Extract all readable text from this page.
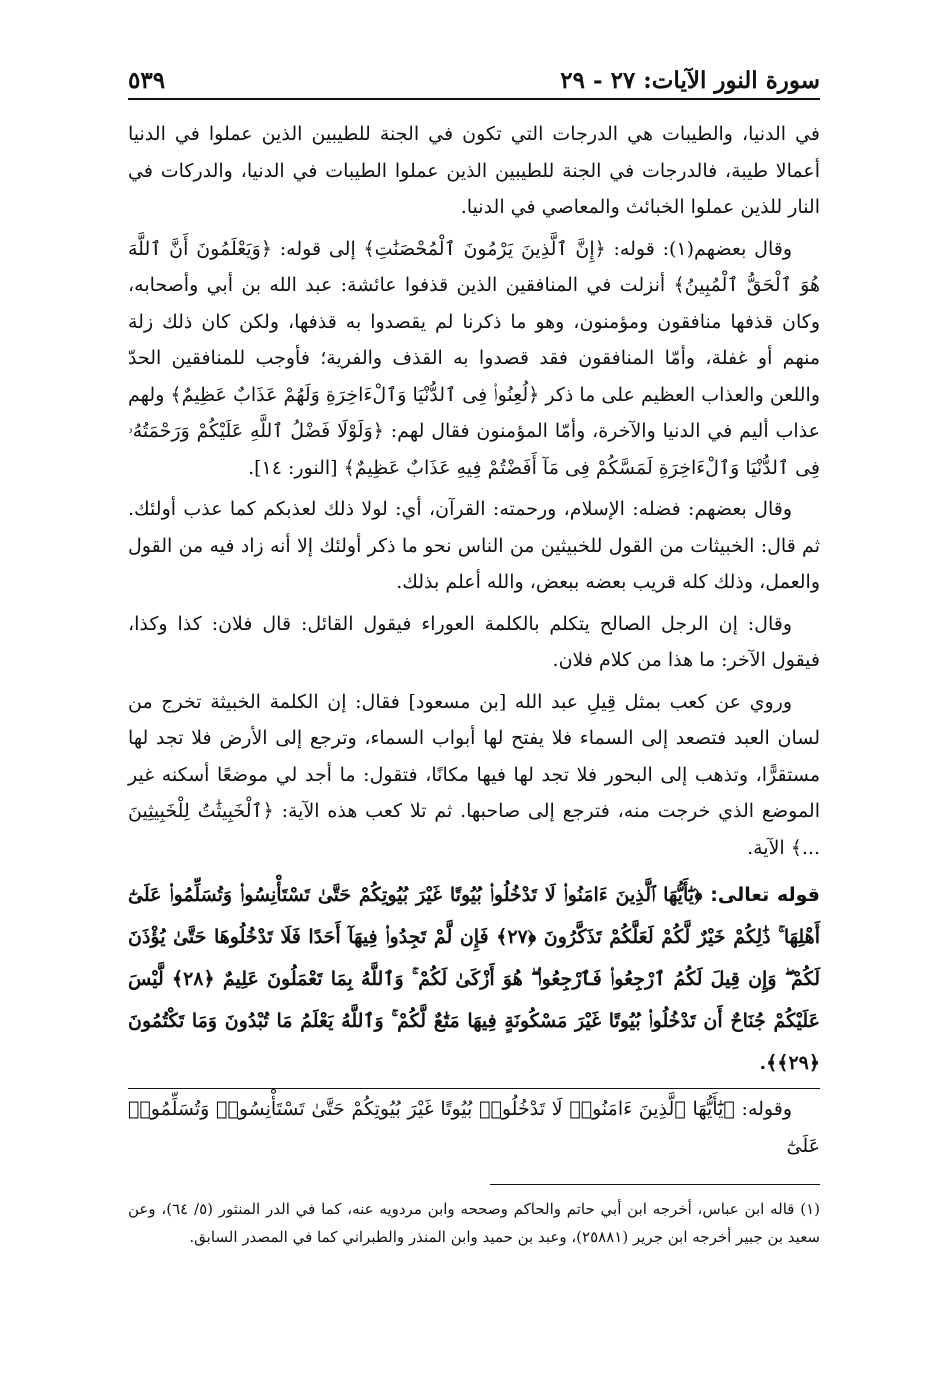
سورة النور الآيات: ٢٧ - ٢٩
٥٣٩

في الدنيا، والطيبات هي الدرجات التي تكون في الجنة للطيبين الذين عملوا في الدنيا أعمالا طيبة، فالدرجات في الجنة للطيبين الذين عملوا الطيبات في الدنيا، والدركات في النار للذين عملوا الخبائث والمعاصي في الدنيا.

وقال بعضهم(١): قوله: ﴿إِنَّ ٱلَّذِينَ يَرْمُونَ ٱلْمُحْصَنَٰتِ﴾ إلى قوله: ﴿وَيَعْلَمُونَ أَنَّ ٱللَّهَ هُوَ ٱلْحَقُّ ٱلْمُبِينُ﴾ أنزلت في المنافقين الذين قذفوا عائشة: عبد الله بن أبي وأصحابه، وكان قذفها منافقون ومؤمنون، وهو ما ذكرنا لم يقصدوا به قذفها، ولكن كان ذلك زلة منهم أو غفلة، وأمّا المنافقون فقد قصدوا به القذف والفرية؛ فأوجب للمنافقين الحدّ واللعن والعذاب العظيم على ما ذكر ﴿لُعِنُوا۟ فِى ٱلدُّنْيَا وَٱلْءَاخِرَةِ وَلَهُمْ عَذَابٌ عَظِيمٌ﴾ ولهم عذاب أليم في الدنيا والآخرة، وأمّا المؤمنون فقال لهم: ﴿وَلَوْلَا فَضْلُ ٱللَّهِ عَلَيْكُمْ وَرَحْمَتُهُۥ فِى ٱلدُّنْيَا وَٱلْءَاخِرَةِ لَمَسَّكُمْ فِى مَآ أَفَضْتُمْ فِيهِ عَذَابٌ عَظِيمٌ﴾ [النور: ١٤].

وقال بعضهم: فضله: الإسلام، ورحمته: القرآن، أي: لولا ذلك لعذبكم كما عذب أولئك. ثم قال: الخبيثات من القول للخبيثين من الناس نحو ما ذكر أولئك إلا أنه زاد فيه من القول والعمل، وذلك كله قريب بعضه ببعض، والله أعلم بذلك.

وقال: إن الرجل الصالح يتكلم بالكلمة العوراء فيقول القائل: قال فلان: كذا وكذا، فيقول الآخر: ما هذا من كلام فلان.

وروي عن كعب بمثل قِيلِ عبد الله [بن مسعود] فقال: إن الكلمة الخبيثة تخرج من لسان العبد فتصعد إلى السماء فلا يفتح لها أبواب السماء، وترجع إلى الأرض فلا تجد لها مستقرًّا، وتذهب إلى البحور فلا تجد لها فيها مكانًا، فتقول: ما أجد لي موضعًا أسكنه غير الموضع الذي خرجت منه، فترجع إلى صاحبها. ثم تلا كعب هذه الآية: ﴿ٱلْخَبِيثَٰتُ لِلْخَبِيثِينَ ...﴾ الآية.

قوله تعالى: ﴿يَٰٓأَيُّهَا ٱلَّذِينَ ءَامَنُوا۟ لَا تَدْخُلُوا۟ بُيُوتًا غَيْرَ بُيُوتِكُمْ حَتَّىٰ تَسْتَأْنِسُوا۟ وَتُسَلِّمُوا۟ عَلَىٰٓ أَهْلِهَا ۚ ذَٰلِكُمْ خَيْرٌ لَّكُمْ لَعَلَّكُمْ تَذَكَّرُونَ ﴿٢٧﴾ فَإِن لَّمْ تَجِدُوا۟ فِيهَآ أَحَدًا فَلَا تَدْخُلُوهَا حَتَّىٰ يُؤْذَنَ لَكُمْ ۖ وَإِن قِيلَ لَكُمُ ٱرْجِعُوا۟ فَٱرْجِعُوا۟ ۖ هُوَ أَزْكَىٰ لَكُمْ ۚ وَٱللَّهُ بِمَا تَعْمَلُونَ عَلِيمٌ ﴿٢٨﴾ لَّيْسَ عَلَيْكُمْ جُنَاحٌ أَن تَدْخُلُوا۟ بُيُوتًا غَيْرَ مَسْكُونَةٍ فِيهَا مَتَٰعٌ لَّكُمْ ۚ وَٱللَّهُ يَعْلَمُ مَا تُبْدُونَ وَمَا تَكْتُمُونَ ﴿٢٩﴾﴾.

وقوله: ﴿يَٰٓأَيُّهَا ٱلَّذِينَ ءَامَنُوا۟ لَا تَدْخُلُوا۟ بُيُوتًا غَيْرَ بُيُوتِكُمْ حَتَّىٰ تَسْتَأْنِسُوا۟ وَتُسَلِّمُوا۟ عَلَىٰٓ

(١) قاله ابن عباس، أخرجه ابن أبي حاتم والحاكم وصححه وابن مردويه عنه، كما في الدر المنثور (٥/ ٦٤)، وعن سعيد بن جبير أخرجه ابن جرير (٢٥٨٨١)، وعبد بن حميد وابن المنذر والطبراني كما في المصدر السابق.
